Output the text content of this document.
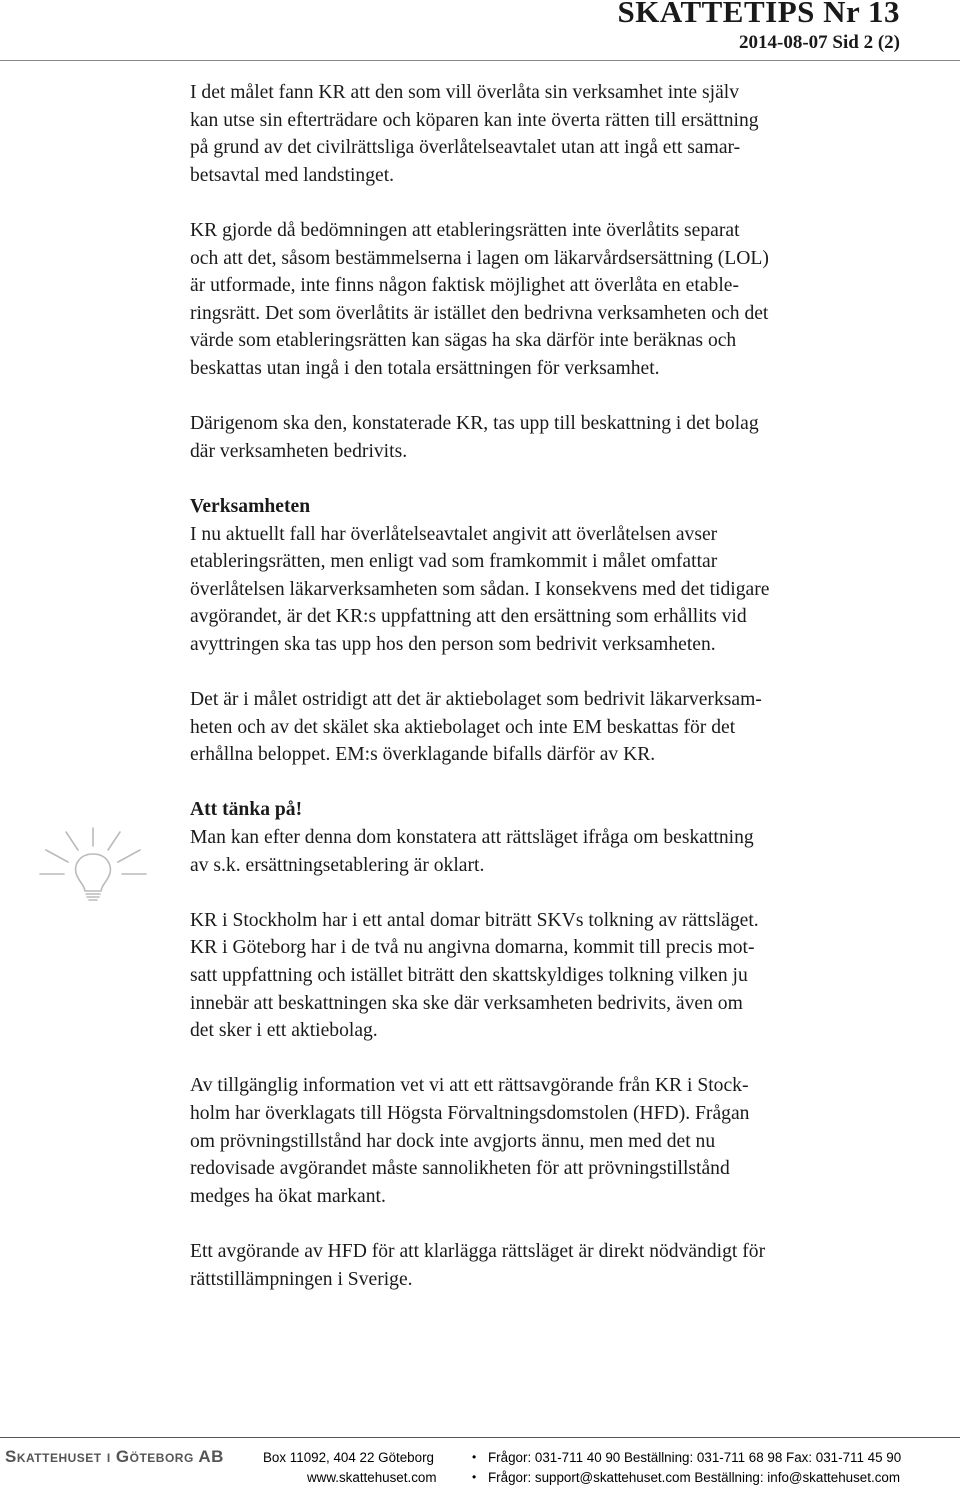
SKATTETIPS Nr 13
2014-08-07 Sid 2 (2)

I det målet fann KR att den som vill överlåta sin verksamhet inte själv
kan utse sin efterträdare och köparen kan inte överta rätten till ersättning
på grund av det civilrättsliga överlåtelseavtalet utan att ingå ett samar-
betsavtal med landstinget.

KR gjorde då bedömningen att etableringsrätten inte överlåtits separat
och att det, såsom bestämmelserna i lagen om läkarvårdsersättning (LOL)
är utformade, inte finns någon faktisk möjlighet att överlåta en etable-
ringsrätt. Det som överlåtits är istället den bedrivna verksamheten och det
värde som etableringsrätten kan sägas ha ska därför inte beräknas och
beskattas utan ingå i den totala ersättningen för verksamhet.

Därigenom ska den, konstaterade KR, tas upp till beskattning i det bolag
där verksamheten bedrivits.

Verksamheten
I nu aktuellt fall har överlåtelseavtalet angivit att överlåtelsen avser
etableringsrätten, men enligt vad som framkommit i målet omfattar
överlåtelsen läkarverksamheten som sådan. I konsekvens med det tidigare
avgörandet, är det KR:s uppfattning att den ersättning som erhållits vid
avyttringen ska tas upp hos den person som bedrivit verksamheten.

Det är i målet ostridigt att det är aktiebolaget som bedrivit läkarverksam-
heten och av det skälet ska aktiebolaget och inte EM beskattas för det
erhållna beloppet. EM:s överklagande bifalls därför av KR.

Att tänka på!
Man kan efter denna dom konstatera att rättsläget ifråga om beskattning
av s.k. ersättningsetablering är oklart.

KR i Stockholm har i ett antal domar biträtt SKVs tolkning av rättsläget.
KR i Göteborg har i de två nu angivna domarna, kommit till precis mot-
satt uppfattning och istället biträtt den skattskyldiges tolkning vilken ju
innebär att beskattningen ska ske där verksamheten bedrivits, även om
det sker i ett aktiebolag.

Av tillgänglig information vet vi att ett rättsavgörande från KR i Stock-
holm har överklagats till Högsta Förvaltningsdomstolen (HFD). Frågan
om prövningstillstånd har dock inte avgjorts ännu, men med det nu
redovisade avgörandet måste sannolikheten för att prövningstillstånd
medges ha ökat markant.

Ett avgörande av HFD för att klarlägga rättsläget är direkt nödvändigt för
rättstillämpningen i Sverige.

Skattehuset i Göteborg AB	Box 11092, 404 22 Göteborg
www.skattehuset.com
•
•
Frågor: 031-711 40 90 Beställning: 031-711 68 98 Fax: 031-711 45 90
Frågor: support@skattehuset.com Beställning: info@skattehuset.com
